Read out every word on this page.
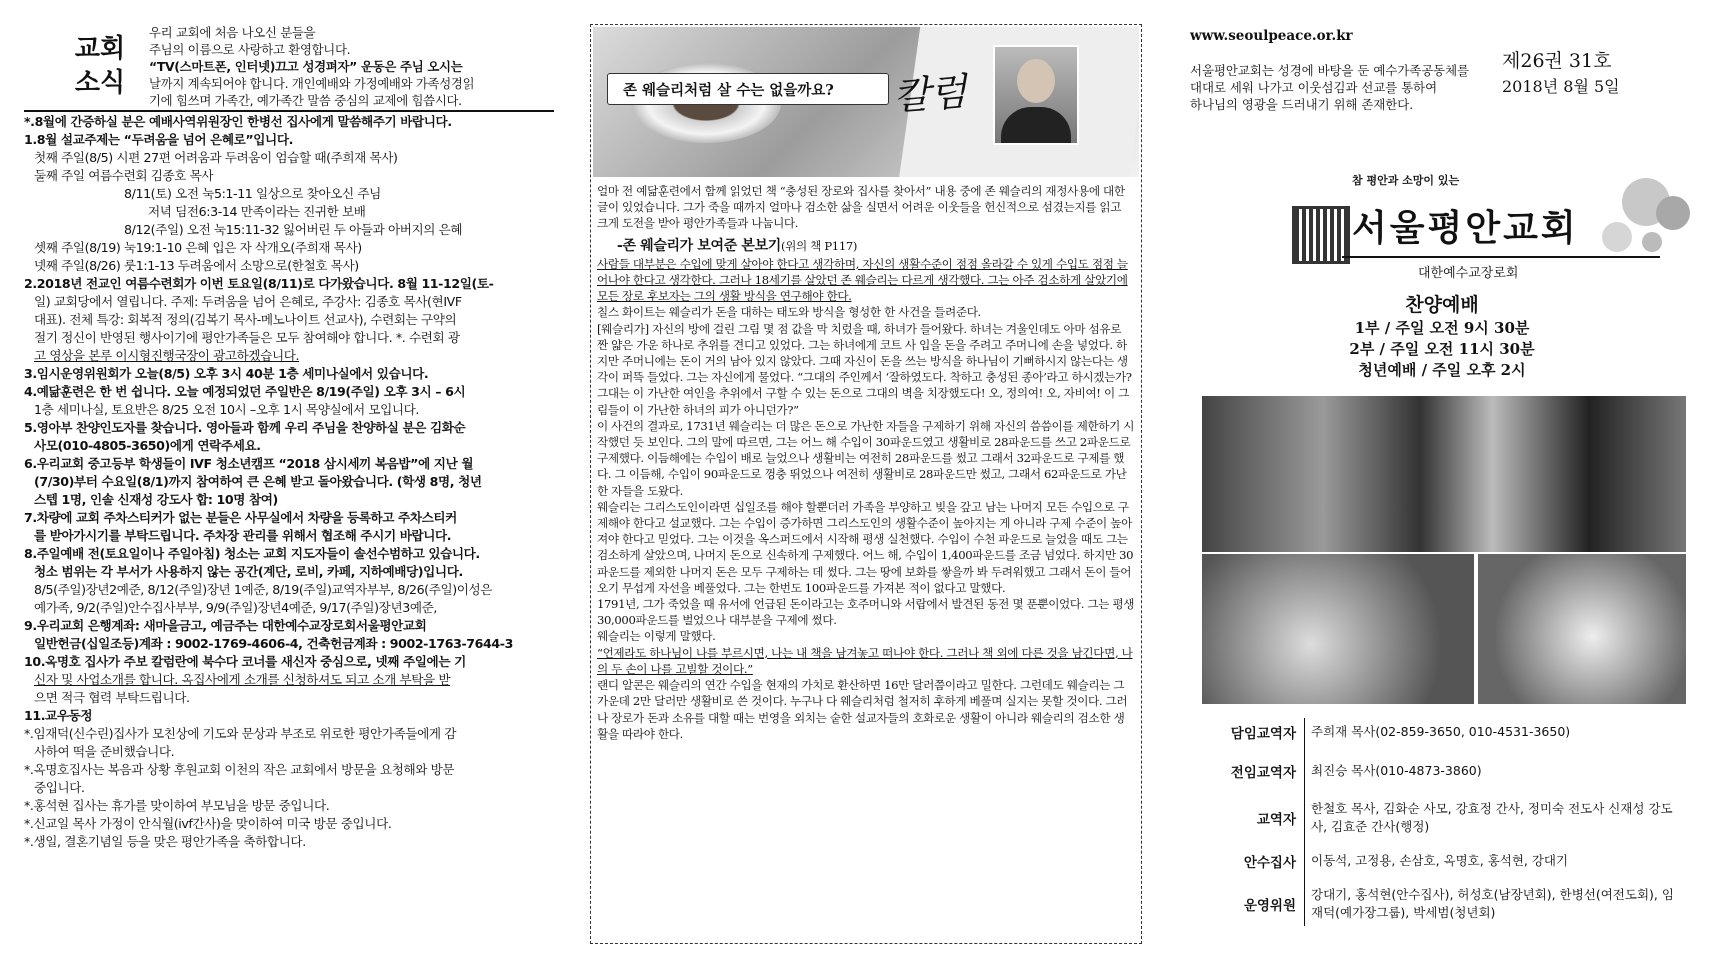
교회
소식

우리 교회에 처음 나오신 분들을

주님의 이름으로 사랑하고 환영합니다.

“TV(스마트폰, 인터넷)끄고 성경펴자” 운동은 주님 오시는

날까지 계속되어야 합니다. 개인예배와 가정예배와 가족성경읽

기에 힘쓰며 가족간, 예가족간 말씀 중심의 교제에 힘씁시다.

*.8월에 간증하실 분은 예배사역위원장인 한병선 집사에게 말씀해주기 바랍니다.
1.8월 설교주제는 “두려움을 넘어 은혜로”입니다.
첫째 주일(8/5) 시편 27편 어려움과 두려움이 엄습할 때(주희재 목사)
둘째 주일 여름수련회 김종호 목사
8/11(토) 오전 눅5:1-11 일상으로 찾아오신 주님
저녁 딤전6:3-14 만족이라는 진귀한 보배
8/12(주일) 오전 눅15:11-32 잃어버린 두 아들과 아버지의 은혜
셋째 주일(8/19) 눅19:1-10 은혜 입은 자 삭개오(주희재 목사)
넷째 주일(8/26) 룻1:1-13 두려움에서 소망으로(한철호 목사)
2.2018년 전교인 여름수련회가 이번 토요일(8/11)로 다가왔습니다. 8월 11-12일(토-
일) 교회당에서 열립니다. 주제: 두려움을 넘어 은혜로, 주강사: 김종호 목사(현IVF
대표). 전체 특강: 회복적 정의(김복기 목사-메노나이트 선교사), 수련회는 구약의
절기 정신이 반영된 행사이기에 평안가족들은 모두 참여해야 합니다. *. 수련회 광
고 영상을 본루 이시형진행국장이 광고하겠습니다.
3.임시운영위원회가 오늘(8/5) 오후 3시 40분 1층 세미나실에서 있습니다.
4.예닮훈련은 한 번 쉽니다. 오늘 예정되었던 주일반은 8/19(주일) 오후 3시 – 6시
1층 세미나실, 토요반은 8/25 오전 10시 –오후 1시 목양실에서 모입니다.
5.영아부 찬양인도자를 찾습니다. 영아들과 함께 우리 주님을 찬양하실 분은 김화순
사모(010-4805-3650)에게 연락주세요.
6.우리교회 중고등부 학생들이 IVF 청소년캠프 “2018 삼시세끼 복음밥”에 지난 월
(7/30)부터 수요일(8/1)까지 참여하여 큰 은혜 받고 돌아왔습니다. (학생 8명, 청년
스텝 1명, 인솔 신재성 강도사 합: 10명 참여)
7.차량에 교회 주차스티커가 없는 분들은 사무실에서 차량을 등록하고 주차스티커
를 받아가시기를 부탁드립니다. 주차장 관리를 위해서 협조해 주시기 바랍니다.
8.주일예배 전(토요일이나 주일아침) 청소는 교회 지도자들이 솔선수범하고 있습니다.
청소 범위는 각 부서가 사용하지 않는 공간(계단, 로비, 카페, 지하예배당)입니다.
8/5(주일)장년2예준, 8/12(주일)장년 1예준, 8/19(주일)교역자부부, 8/26(주일)이성은
예가족, 9/2(주일)안수집사부부, 9/9(주일)장년4예준, 9/17(주일)장년3예준,
9.우리교회 은행계좌: 새마을금고, 예금주는 대한예수교장로회서울평안교회
일반헌금(십일조등)계좌 : 9002-1769-4606-4, 건축헌금계좌 : 9002-1763-7644-3
10.옥명호 집사가 주보 칼럼란에 북수다 코너를 새신자 중심으로, 넷째 주일에는 기
신자 및 사업소개를 합니다. 옥집사에게 소개를 신청하셔도 되고 소개 부탁을 받
으면 적극 협력 부탁드립니다.
11.교우동정
*.임재덕(신수린)집사가 모친상에 기도와 문상과 부조로 위로한 평안가족들에게 감
사하여 떡을 준비했습니다.
*.옥명호집사는 복음과 상황 후원교회 이천의 작은 교회에서 방문을 요청해와 방문
중입니다.
*.홍석현 집사는 휴가를 맞이하여 부모님을 방문 중입니다.
*.신교일 목사 가정이 안식월(ivf간사)을 맞이하여 미국 방문 중입니다.
*.생일, 결혼기념일 등을 맞은 평안가족을 축하합니다.
존 웨슬리처럼 살 수는 없을까요? 칼럼

얼마 전 예닮훈련에서 함께 읽었던 책 “충성된 장로와 집사를 찾아서” 내용 중에 존 웨슬리의 재정사용에 대한 글이 있었습니다. 그가 죽을 때까지 얼마나 검소한 삶을 실면서 어려운 이웃들을 헌신적으로 섬겼는지를 읽고 크게 도전을 받아 평안가족들과 나눕니다.

-존 웨슬리가 보여준 본보기(위의 책 P117)

사람들 대부분은 수입에 맞게 살아야 한다고 생각하며, 자신의 생활수준이 점점 올라갈 수 있게 수입도 점점 늘어나야 한다고 생각한다. 그러나 18세기를 살았던 존 웨슬리는 다르게 생각했다. 그는 아주 검소하게 살았기에 모든 장로 후보자는 그의 생활 방식을 연구해야 한다.

칠스 화이트는 웨슬리가 돈을 대하는 태도와 방식을 형성한 한 사건을 들려준다.

[웨슬리가] 자신의 방에 걸린 그림 몇 점 값을 막 치렀을 때, 하녀가 들어왔다. 하녀는 겨울인데도 아마 섬유로 짠 얇은 가운 하나로 추위를 견디고 있었다. 그는 하녀에게 코트 사 입을 돈을 주려고 주머니에 손을 넣었다. 하지만 주머니에는 돈이 거의 남아 있지 않았다. 그때 자신이 돈을 쓰는 방식을 하나님이 기뻐하시지 않는다는 생각이 퍼뜩 들었다. 그는 자신에게 물었다. “그대의 주인께서 ‘잘하였도다. 착하고 충성된 종아’라고 하시겠는가? 그대는 이 가난한 여인을 추위에서 구할 수 있는 돈으로 그대의 벽을 치장했도다! 오, 정의여! 오, 자비여! 이 그림들이 이 가난한 하녀의 피가 아니던가?”

이 사건의 결과로, 1731년 웨슬리는 더 많은 돈으로 가난한 자들을 구제하기 위해 자신의 씀씀이를 제한하기 시작했던 듯 보인다. 그의 말에 따르면, 그는 어느 해 수입이 30파운드였고 생활비로 28파운드를 쓰고 2파운드로 구제했다. 이듬해에는 수입이 배로 늘었으나 생활비는 여전히 28파운드를 썼고 그래서 32파운드로 구제를 했다. 그 이듬해, 수입이 90파운드로 껑충 뛰었으나 여전히 생활비로 28파운드만 썼고, 그래서 62파운드로 가난한 자들을 도왔다.

웨슬리는 그리스도인이라면 십일조를 해야 할뿐더러 가족을 부양하고 빚을 갚고 남는 나머지 모든 수입으로 구제해야 한다고 설교했다. 그는 수입이 증가하면 그리스도인의 생활수준이 높아지는 게 아니라 구제 수준이 높아져야 한다고 믿었다. 그는 이것을 옥스퍼드에서 시작해 평생 실천했다. 수입이 수천 파운드로 늘었을 때도 그는 검소하게 살았으며, 나머지 돈으로 신속하게 구제했다. 어느 해, 수입이 1,400파운드를 조금 넘었다. 하지만 30파운드를 제외한 나머지 돈은 모두 구제하는 데 썼다. 그는 땅에 보화를 쌓을까 봐 두려워했고 그래서 돈이 들어오기 무섭게 자선을 베풀었다. 그는 한번도 100파운드를 가져본 적이 없다고 말했다.

1791년, 그가 죽었을 때 유서에 언급된 돈이라고는 호주머니와 서랍에서 발견된 동전 몇 푼뿐이었다. 그는 평생 30,000파운드를 벌었으나 대부분을 구제에 썼다.

웨슬리는 이렇게 말했다.

“언제라도 하나님이 나를 부르시면, 나는 내 책을 남겨놓고 떠나야 한다. 그러나 책 외에 다른 것을 남긴다면, 나의 두 손이 나를 고빌할 것이다.”

랜디 알콘은 웨슬리의 연간 수입을 현재의 가치로 환산하면 16만 달러쯤이라고 밀한다. 그런데도 웨슬리는 그 가운데 2만 달러만 생활비로 쓴 것이다. 누구나 다 웨슬리처럼 철저히 후하게 베풀며 실지는 못할 것이다. 그러나 장로가 돈과 소유를 대할 때는 번영을 외치는 숱한 설교자들의 호화로운 생활이 아니라 웨슬리의 검소한 생활을 따라야 한다.

www.seoulpeace.or.kr
서울평안교회는 성경에 바탕을 둔 예수가족공동체를
대대로 세워 나가고 이웃섬김과 선교를 통하여
하나님의 영광을 드러내기 위해 존재한다.
제26권 31호
2018년 8월 5일
참 평안과 소망이 있는
서울평안교회
대한예수교장로회
찬양예배
1부 / 주일 오전 9시 30분
2부 / 주일 오전 11시 30분
청년예배 / 주일 오후 2시
담임교역자	주희재 목사(02-859-3650, 010-4531-3650)
전임교역자	최진승 목사(010-4873-3860)
교역자	한철호 목사, 김화순 사모, 강효정 간사, 정미숙 전도사 신재성 강도사, 김효준 간사(행정)
안수집사	이동석, 고정용, 손삼호, 옥명호, 홍석현, 강대기
운영위원	강대기, 홍석현(안수집사), 허성호(남장년회), 한병선(여전도회), 임재덕(예가장그룹), 박세범(청년회)
